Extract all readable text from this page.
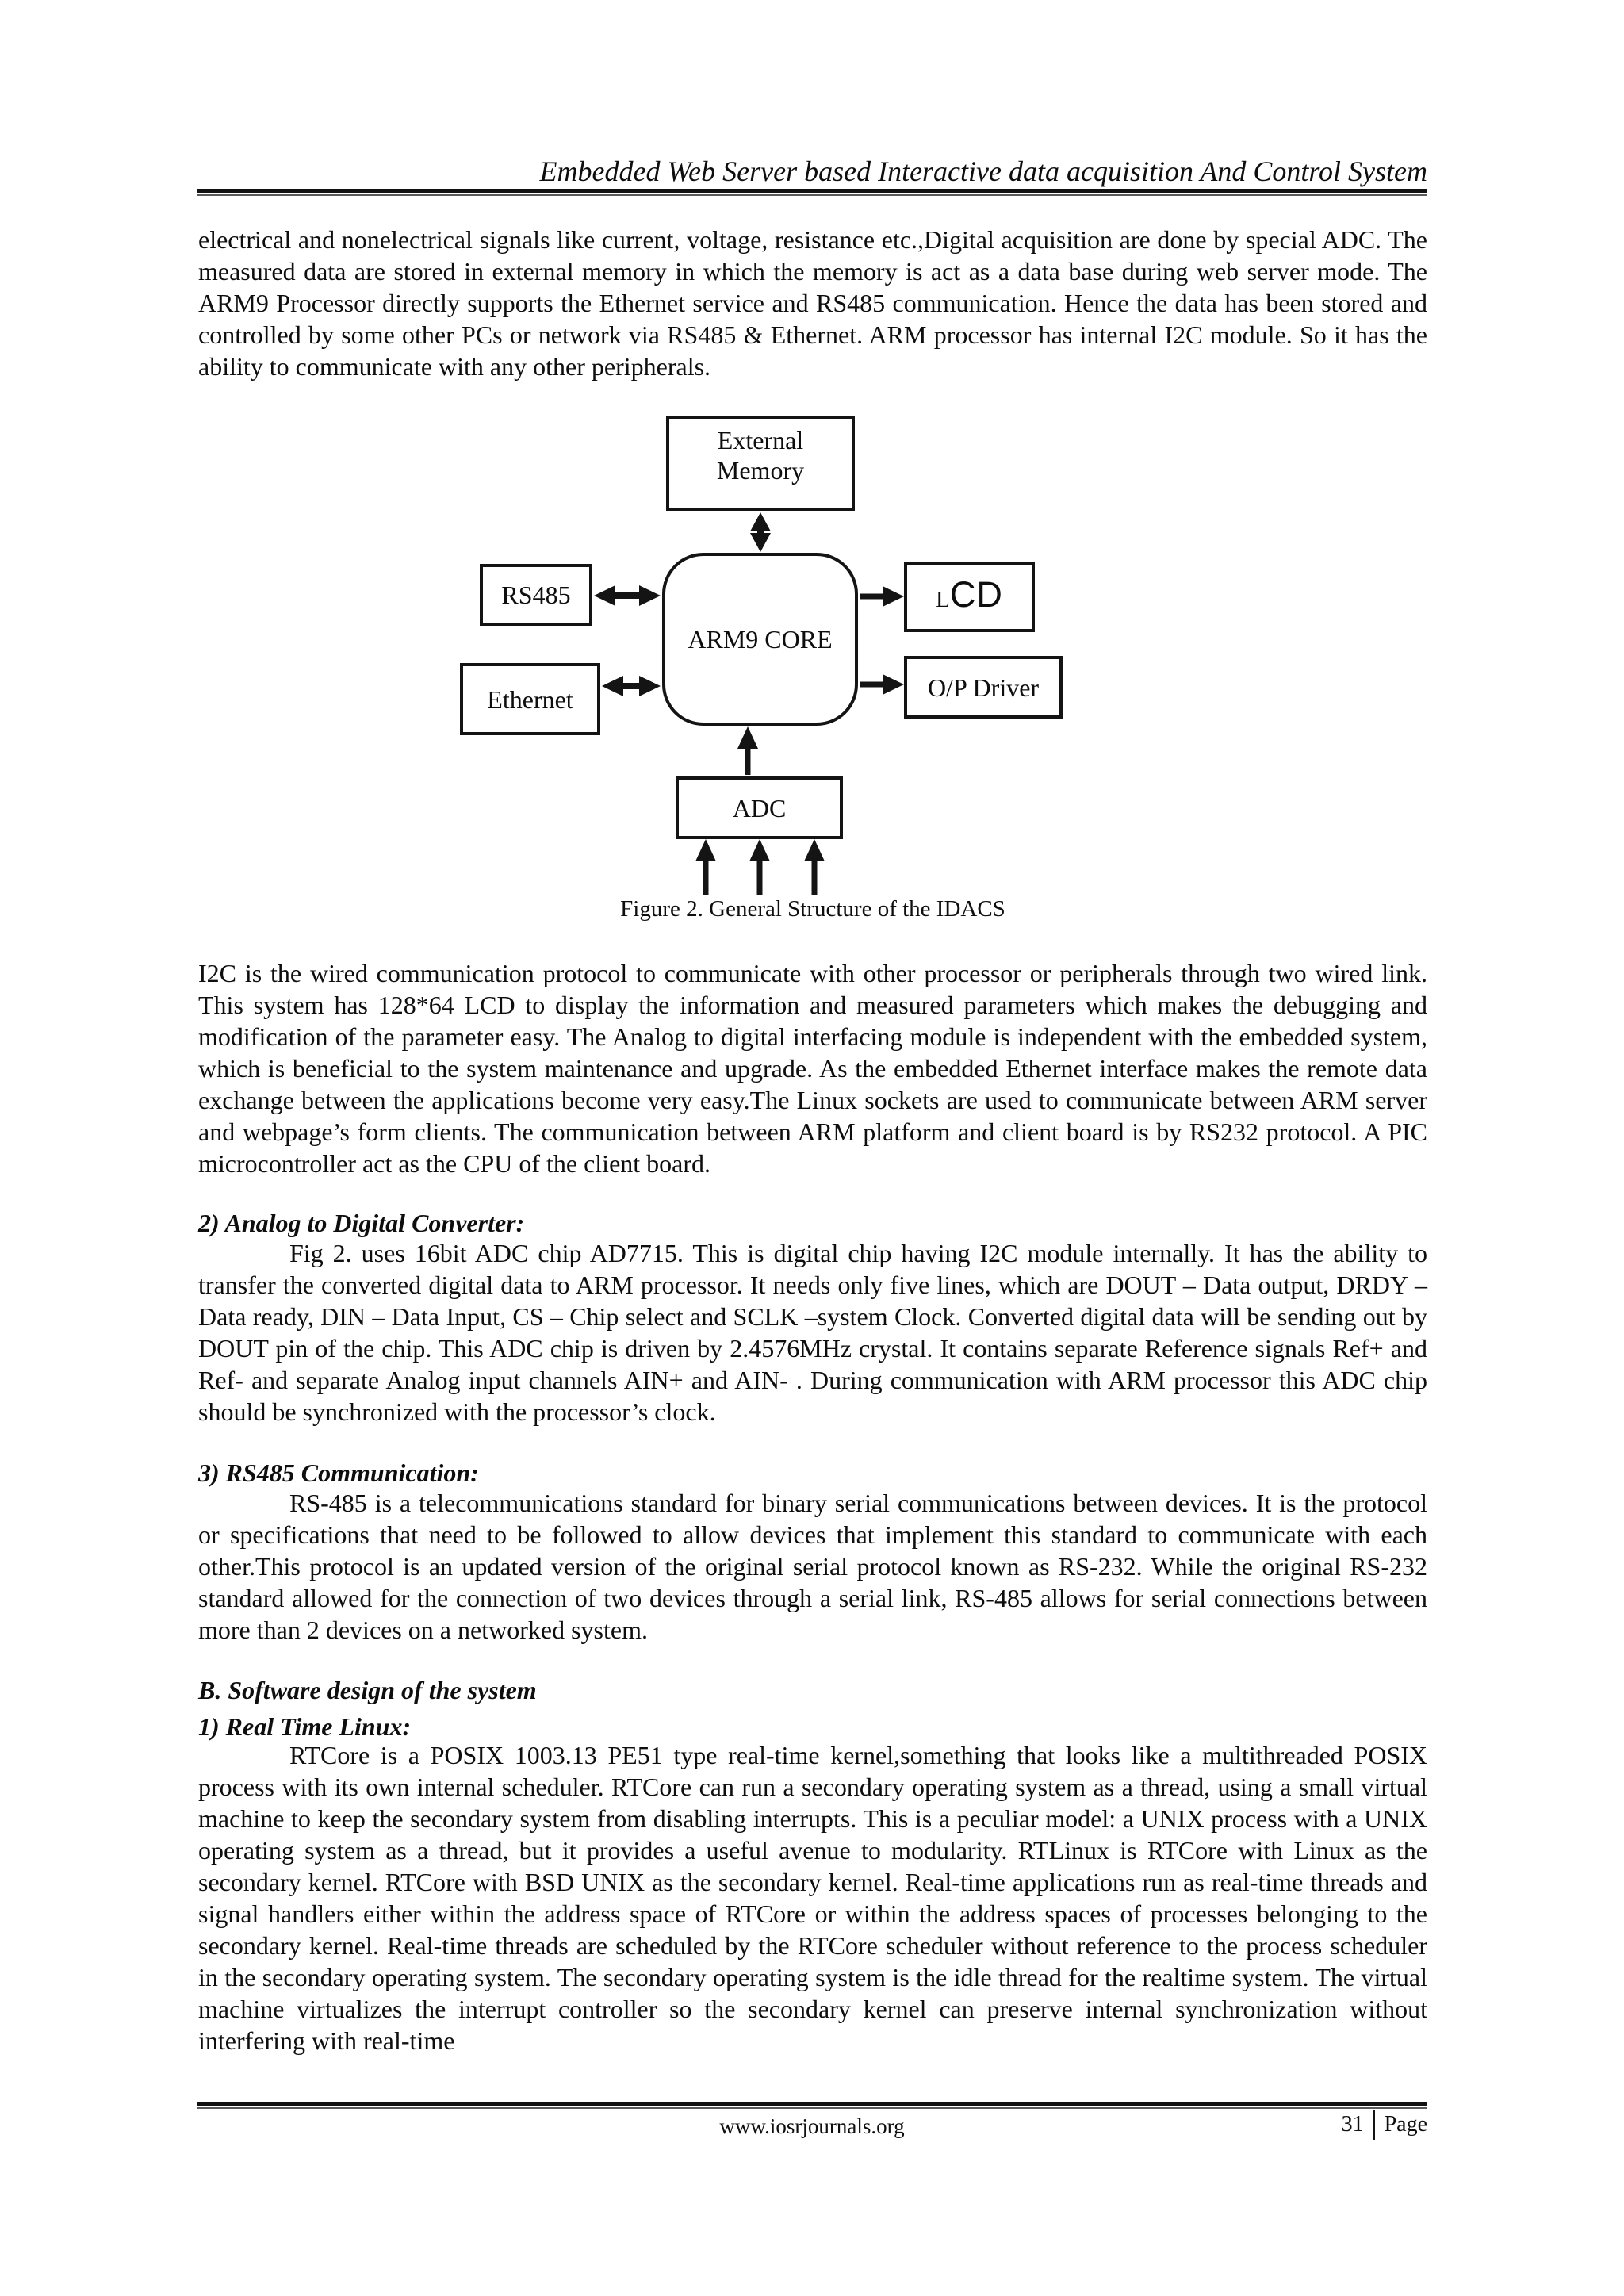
Embedded Web Server based Interactive data acquisition And Control System

electrical and nonelectrical signals like current, voltage, resistance etc.,Digital acquisition are done by special ADC. The measured data are stored in external memory in which the memory is act as a data base during web server mode. The ARM9 Processor directly supports the Ethernet service and RS485 communication. Hence the data has been stored and controlled by some other PCs or network via RS485 & Ethernet. ARM processor has internal I2C module. So it has the ability to communicate with any other peripherals.

External
Memory
RS485
Ethernet
ARM9 CORE
L CD
O/P Driver
ADC

Figure 2. General Structure of the IDACS

I2C is the wired communication protocol to communicate with other processor or peripherals through two wired link. This system has 128*64 LCD to display the information and measured parameters which makes the debugging and modification of the parameter easy. The Analog to digital interfacing module is independent with the embedded system, which is beneficial to the system maintenance and upgrade. As the embedded Ethernet interface makes the remote data exchange between the applications become very easy.The Linux sockets are used to communicate between ARM server and webpage’s form clients. The communication between ARM platform and client board is by RS232 protocol. A PIC microcontroller act as the CPU of the client board.

2) Analog to Digital Converter:

Fig 2. uses 16bit ADC chip AD7715. This is digital chip having I2C module internally. It has the ability to transfer the converted digital data to ARM processor. It needs only five lines, which are DOUT – Data output, DRDY – Data ready, DIN – Data Input, CS – Chip select and SCLK –system Clock. Converted digital data will be sending out by DOUT pin of the chip. This ADC chip is driven by 2.4576MHz crystal. It contains separate Reference signals Ref+ and Ref- and separate Analog input channels AIN+ and AIN- . During communication with ARM processor this ADC chip should be synchronized with the processor’s clock.

3) RS485 Communication:

RS-485 is a telecommunications standard for binary serial communications between devices. It is the protocol or specifications that need to be followed to allow devices that implement this standard to communicate with each other.This protocol is an updated version of the original serial protocol known as RS-232. While the original RS-232 standard allowed for the connection of two devices through a serial link, RS-485 allows for serial connections between more than 2 devices on a networked system.

B. Software design of the system
1) Real Time Linux:

RTCore is a POSIX 1003.13 PE51 type real-time kernel,something that looks like a multithreaded POSIX process with its own internal scheduler. RTCore can run a secondary operating system as a thread, using a small virtual machine to keep the secondary system from disabling interrupts. This is a peculiar model: a UNIX process with a UNIX operating system as a thread, but it provides a useful avenue to modularity. RTLinux is RTCore with Linux as the secondary kernel. RTCore with BSD UNIX as the secondary kernel. Real-time applications run as real-time threads and signal handlers either within the address space of RTCore or within the address spaces of processes belonging to the secondary kernel. Real-time threads are scheduled by the RTCore scheduler without reference to the process scheduler in the secondary operating system. The secondary operating system is the idle thread for the realtime system. The virtual machine virtualizes the interrupt controller so the secondary kernel can preserve internal synchronization without interfering with real-time

www.iosrjournals.org	31 Page
